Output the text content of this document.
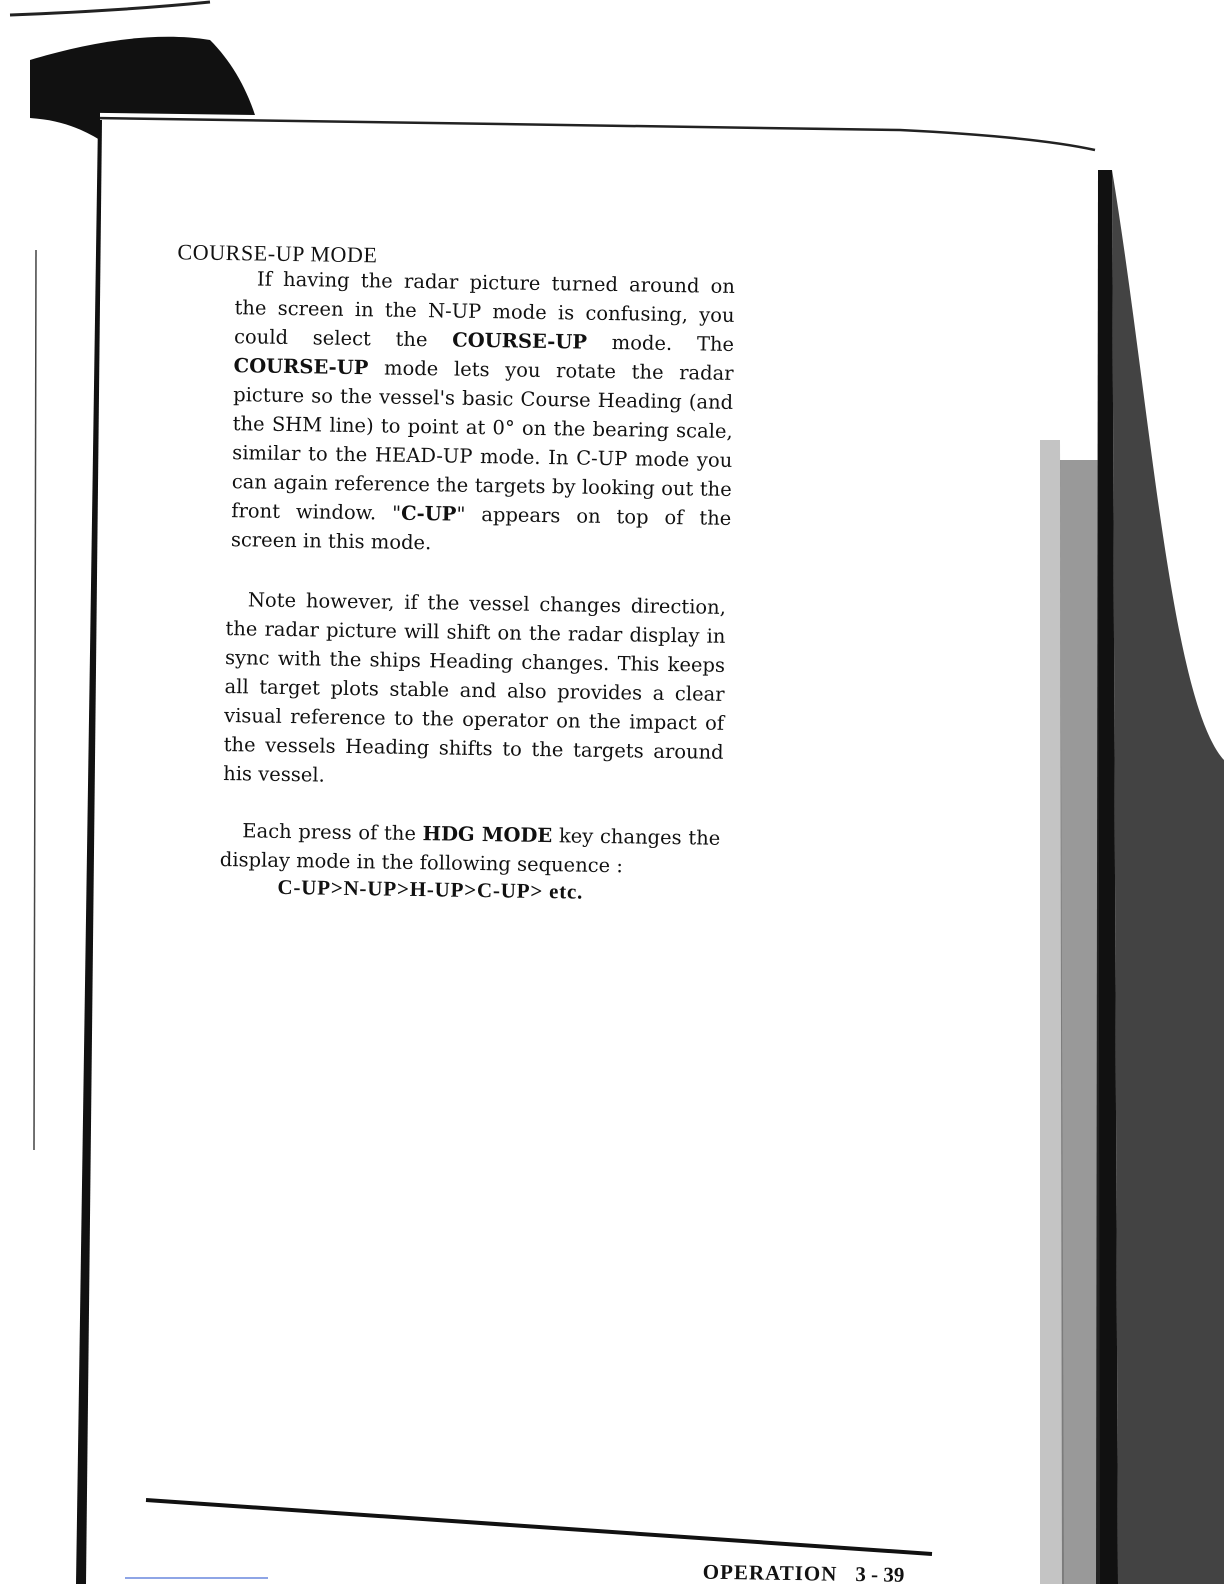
COURSE-UP MODE
If having the radar picture turned around on the screen in the N-UP mode is confusing, you could select the COURSE-UP mode. The COURSE-UP mode lets you rotate the radar picture so the vessel's basic Course Heading (and the SHM line) to point at 0° on the bearing scale, similar to the HEAD-UP mode. In C-UP mode you can again reference the targets by looking out the front window. "C-UP" appears on top of the screen in this mode.
Note however, if the vessel changes direction, the radar picture will shift on the radar display in sync with the ships Heading changes. This keeps all target plots stable and also provides a clear visual reference to the operator on the impact of the vessels Heading shifts to the targets around his vessel.
Each press of the HDG MODE key changes the display mode in the following sequence :
C-UP>N-UP>H-UP>C-UP> etc.
OPERATION 3 - 39
